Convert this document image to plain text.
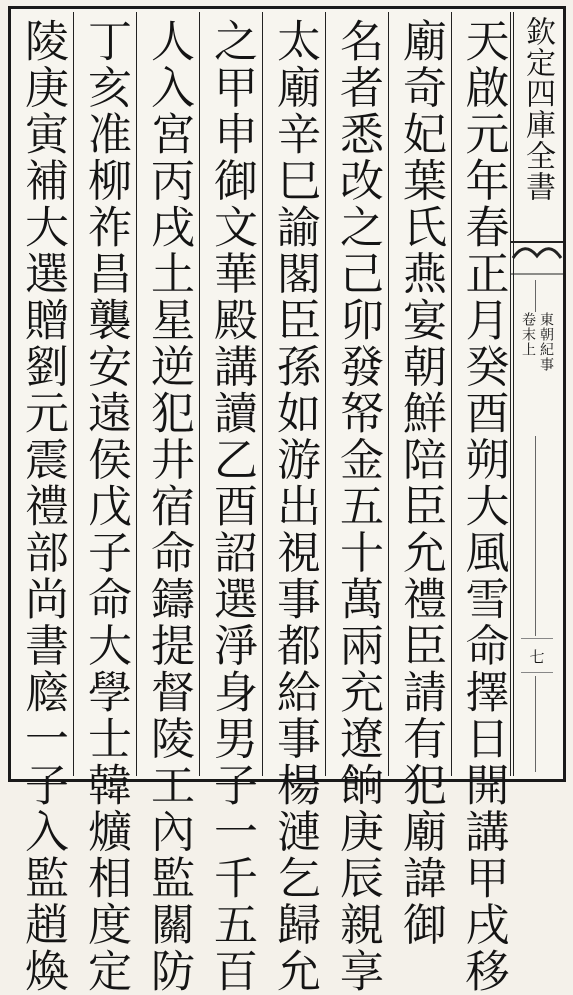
陵庚寅補大選贈劉元震禮部尚書廕一子入監趙煥 丁亥准柳祚昌襲安遠侯戊子命大學士韓爌相度定 人入宮丙戌土星逆犯井宿命鑄提督陵工內監關防 之甲申御文華殿講讀乙酉詔選淨身男子一千五百 太廟辛巳諭閣臣孫如游出視事都給事楊漣乞歸允 名者悉改之己卯發帑金五十萬兩充遼餉庚辰親享 廟奇妃葉氏燕宴朝鮮陪臣允禮臣請有犯廟諱御 天啟元年春正月癸酉朔大風雪命擇日開講甲戌移 欽定四庫全書
東朝紀事
卷末上
七
